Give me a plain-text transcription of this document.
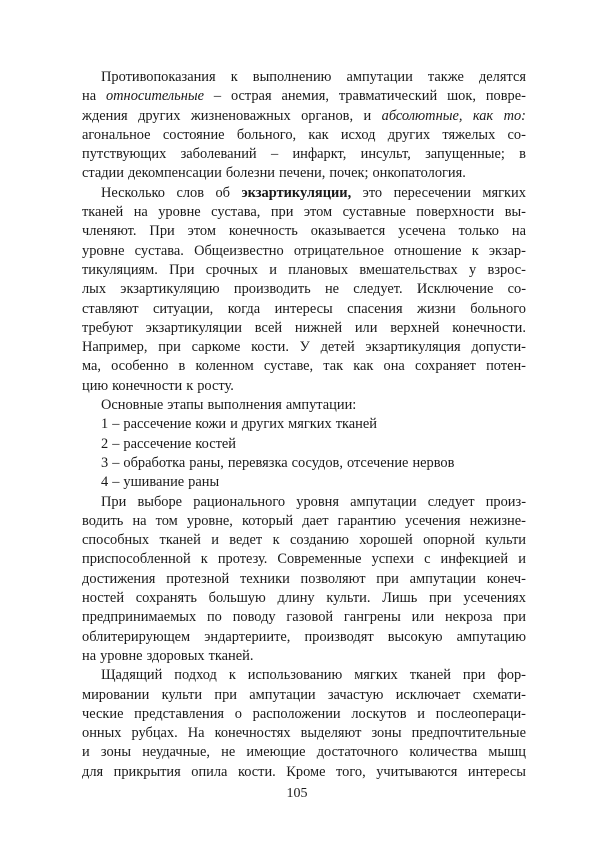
Противопоказания к выполнению ампутации также делятся
на относительные – острая анемия, травматический шок, повре-
ждения других жизненоважных органов, и абсолютные, как то:
агональное состояние больного, как исход других тяжелых со-
путствующих заболеваний – инфаркт, инсульт, запущенные; в
стадии декомпенсации болезни печени, почек; онкопатология.
Несколько слов об экзартикуляции, это пересечении мягких
тканей на уровне сустава, при этом суставные поверхности вы-
членяют. При этом конечность оказывается усечена только на
уровне сустава. Общеизвестно отрицательное отношение к экзар-
тикуляциям. При срочных и плановых вмешательствах у взрос-
лых экзартикуляцию производить не следует. Исключение со-
ставляют ситуации, когда интересы спасения жизни больного
требуют экзартикуляции всей нижней или верхней конечности.
Например, при саркоме кости. У детей экзартикуляция допусти-
ма, особенно в коленном суставе, так как она сохраняет потен-
цию конечности к росту.
Основные этапы выполнения ампутации:
1 – рассечение кожи и других мягких тканей
2 – рассечение костей
3 – обработка раны, перевязка сосудов, отсечение нервов
4 – ушивание раны
При выборе рационального уровня ампутации следует произ-
водить на том уровне, который дает гарантию усечения нежизне-
способных тканей и ведет к созданию хорошей опорной культи
приспособленной к протезу. Современные успехи с инфекцией и
достижения протезной техники позволяют при ампутации конеч-
ностей сохранять большую длину культи. Лишь при усечениях
предпринимаемых по поводу газовой гангрены или некроза при
облитерирующем эндартериите, производят высокую ампутацию
на уровне здоровых тканей.
Щадящий подход к использованию мягких тканей при фор-
мировании культи при ампутации зачастую исключает схемати-
ческие представления о расположении лоскутов и послеопераци-
онных рубцах. На конечностях выделяют зоны предпочтительные
и зоны неудачные, не имеющие достаточного количества мышц
для прикрытия опила кости. Кроме того, учитываются интересы
105
